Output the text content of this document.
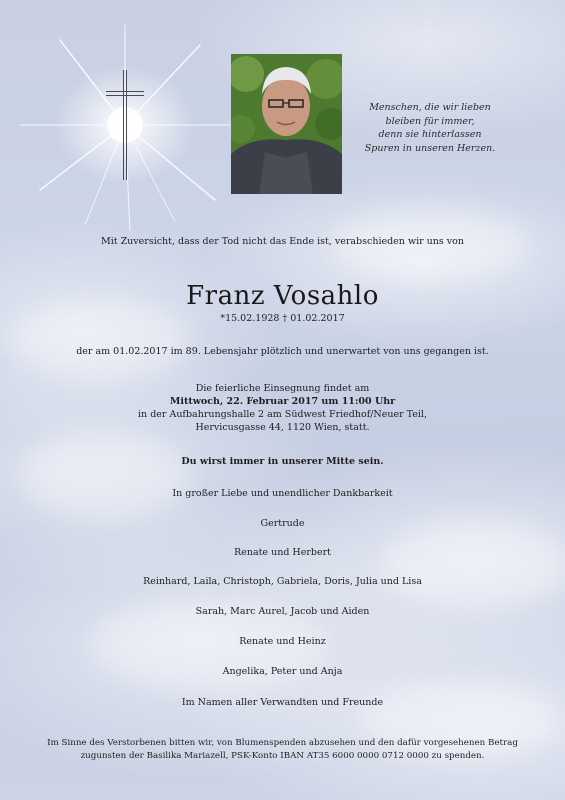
Menschen, die wir lieben
bleiben für immer,
denn sie hinterlassen
Spuren in unseren Herzen.
Mit Zuversicht, dass der Tod nicht das Ende ist, verabschieden wir uns von
Franz Vosahlo
*15.02.1928 † 01.02.2017
der am 01.02.2017 im 89. Lebensjahr plötzlich und unerwartet von uns gegangen ist.
Die feierliche Einsegnung findet am
Mittwoch, 22. Februar 2017 um 11:00 Uhr
in der Aufbahrungshalle 2 am Südwest Friedhof/Neuer Teil,
Hervicusgasse 44, 1120 Wien, statt.
Du wirst immer in unserer Mitte sein.
In großer Liebe und unendlicher Dankbarkeit
Gertrude
Renate und Herbert
Reinhard, Laila, Christoph, Gabriela, Doris, Julia und Lisa
Sarah, Marc Aurel, Jacob und Aiden
Renate und Heinz
Angelika, Peter und Anja
Im Namen aller Verwandten und Freunde
Im Sinne des Verstorbenen bitten wir, von Blumenspenden abzusehen und den dafür vorgesehenen Betrag
zugunsten der Basilika Mariazell, PSK-Konto IBAN AT35 6000 0000 0712 0000 zu spenden.
